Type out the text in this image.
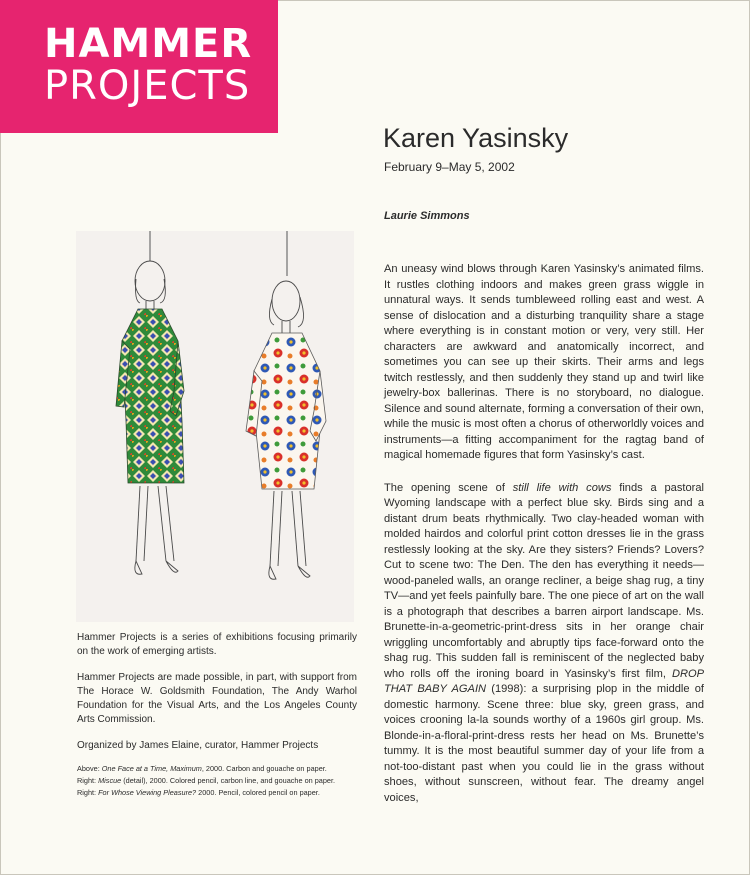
HAMMER
PROJECTS
Karen Yasinsky
February 9–May 5, 2002
Laurie Simmons

Hammer Projects is a series of exhibitions focusing primarily on the work of emerging artists.

Hammer Projects are made possible, in part, with support from The Horace W. Goldsmith Foundation, The Andy Warhol Foundation for the Visual Arts, and the Los Angeles County Arts Commission.

Organized by James Elaine, curator, Hammer Projects

Above: One Face at a Time, Maximum, 2000. Carbon and gouache on paper.
Right: Miscue (detail), 2000. Colored pencil, carbon line, and gouache on paper.
Right: For Whose Viewing Pleasure? 2000. Pencil, colored pencil on paper.

An uneasy wind blows through Karen Yasinsky’s animated films. It rustles clothing indoors and makes green grass wiggle in unnatural ways. It sends tumbleweed rolling east and west. A sense of dislocation and a disturbing tranquility share a stage where everything is in constant motion or very, very still. Her characters are awkward and anatomically incorrect, and sometimes you can see up their skirts. Their arms and legs twitch restlessly, and then suddenly they stand up and twirl like jewelry-box ballerinas. There is no storyboard, no dialogue. Silence and sound alternate, forming a conversation of their own, while the music is most often a chorus of otherworldly voices and instruments—a fitting accompaniment for the ragtag band of magical homemade figures that form Yasinsky’s cast.

The opening scene of still life with cows finds a pastoral Wyoming landscape with a perfect blue sky. Birds sing and a distant drum beats rhythmically. Two clay-headed woman with molded hairdos and colorful print cotton dresses lie in the grass restlessly looking at the sky. Are they sisters? Friends? Lovers? Cut to scene two: The Den. The den has everything it needs—wood-paneled walls, an orange recliner, a beige shag rug, a tiny TV—and yet feels painfully bare. The one piece of art on the wall is a photograph that describes a barren airport landscape. Ms. Brunette-in-a-geometric-print-dress sits in her orange chair wriggling uncomfortably and abruptly tips face-forward onto the shag rug. This sudden fall is reminiscent of the neglected baby who rolls off the ironing board in Yasinsky’s first film, DROP THAT BABY AGAIN (1998): a surprising plop in the middle of domestic harmony. Scene three: blue sky, green grass, and voices crooning la-la sounds worthy of a 1960s girl group. Ms. Blonde-in-a-floral-print-dress rests her head on Ms. Brunette’s tummy. It is the most beautiful summer day of your life from a not-too-distant past when you could lie in the grass without shoes, without sunscreen, without fear. The dreamy angel voices,
